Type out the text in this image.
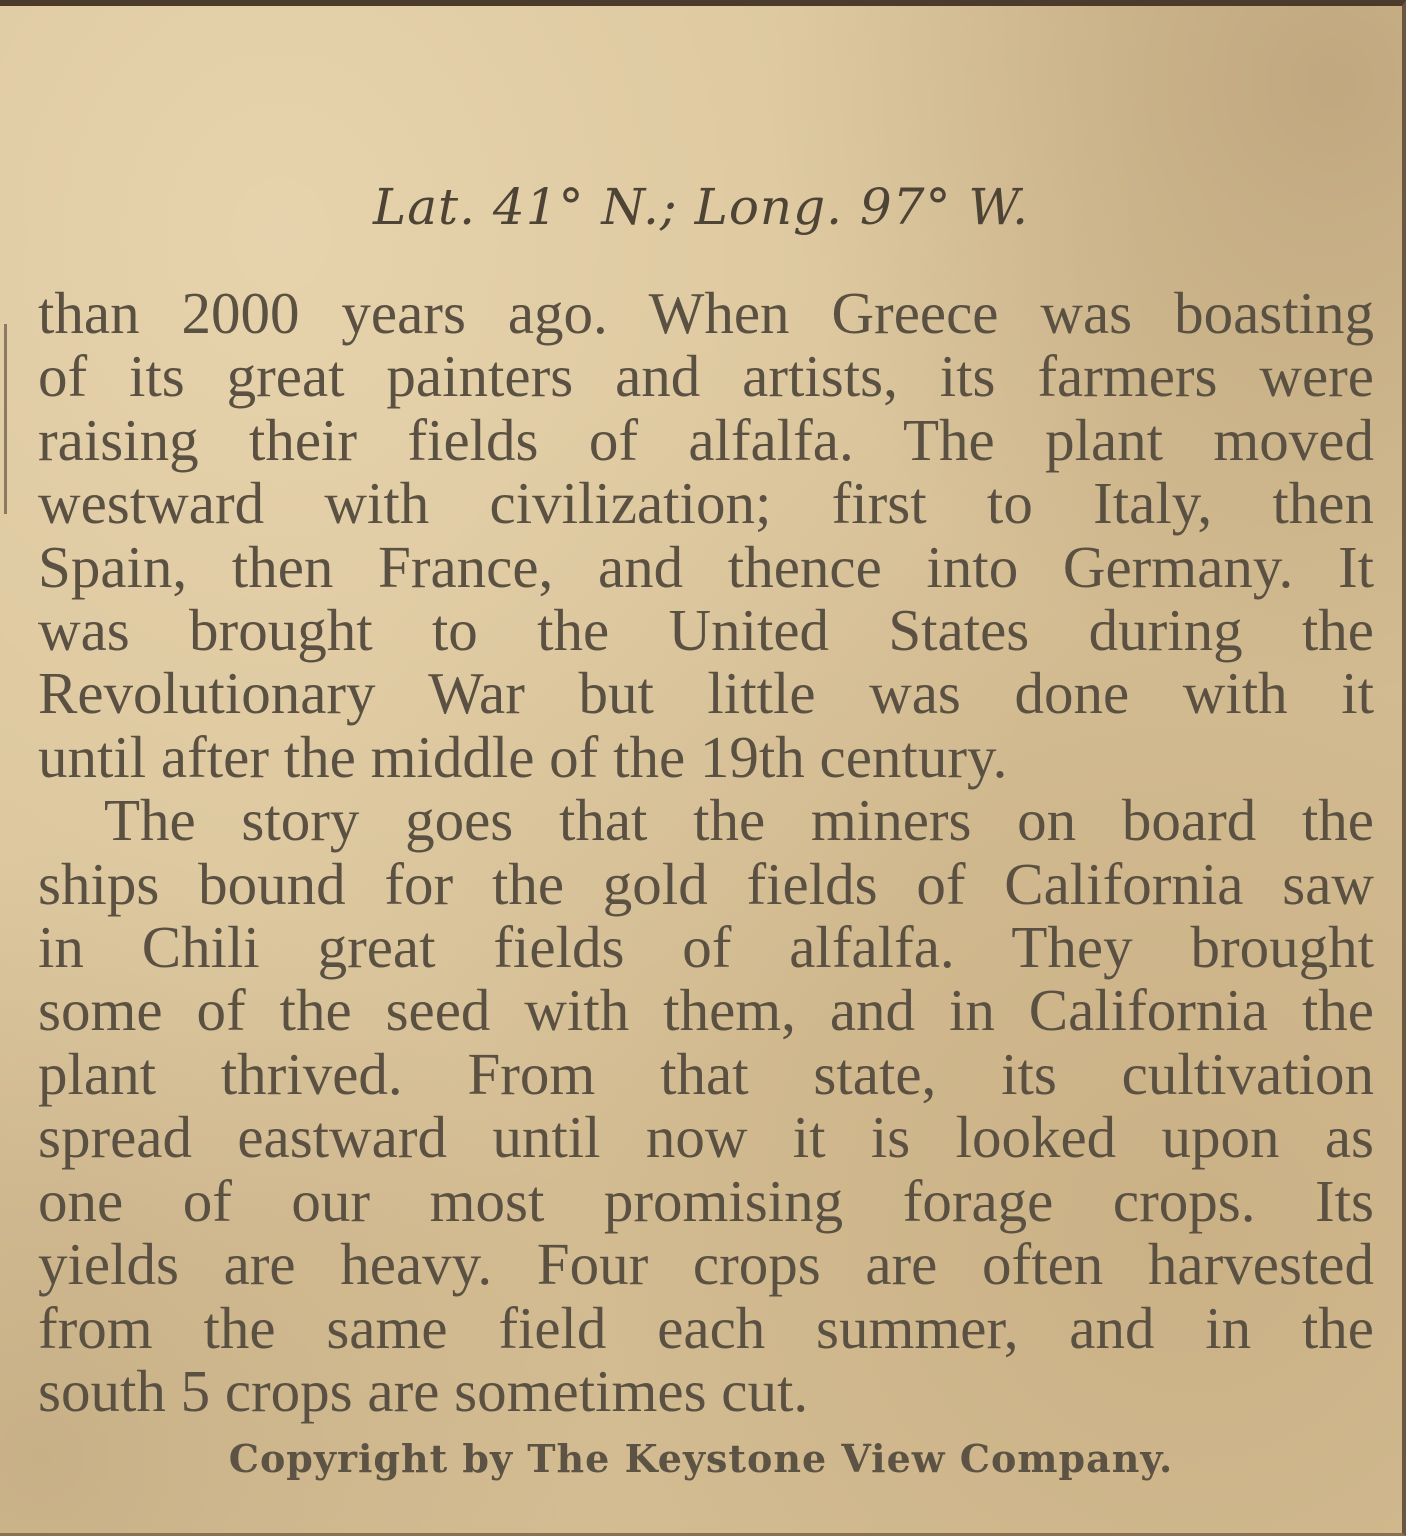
Lat. 41° N.; Long. 97° W.
than 2000 years ago. When Greece was boasting
of its great painters and artists, its farmers were
raising their fields of alfalfa. The plant moved
westward with civilization; first to Italy, then
Spain, then France, and thence into Germany. It
was brought to the United States during the
Revolutionary War but little was done with it
until after the middle of the 19th century.
The story goes that the miners on board the
ships bound for the gold fields of California saw
in Chili great fields of alfalfa. They brought
some of the seed with them, and in California the
plant thrived. From that state, its cultivation
spread eastward until now it is looked upon as
one of our most promising forage crops. Its
yields are heavy. Four crops are often harvested
from the same field each summer, and in the
south 5 crops are sometimes cut.
Copyright by The Keystone View Company.
